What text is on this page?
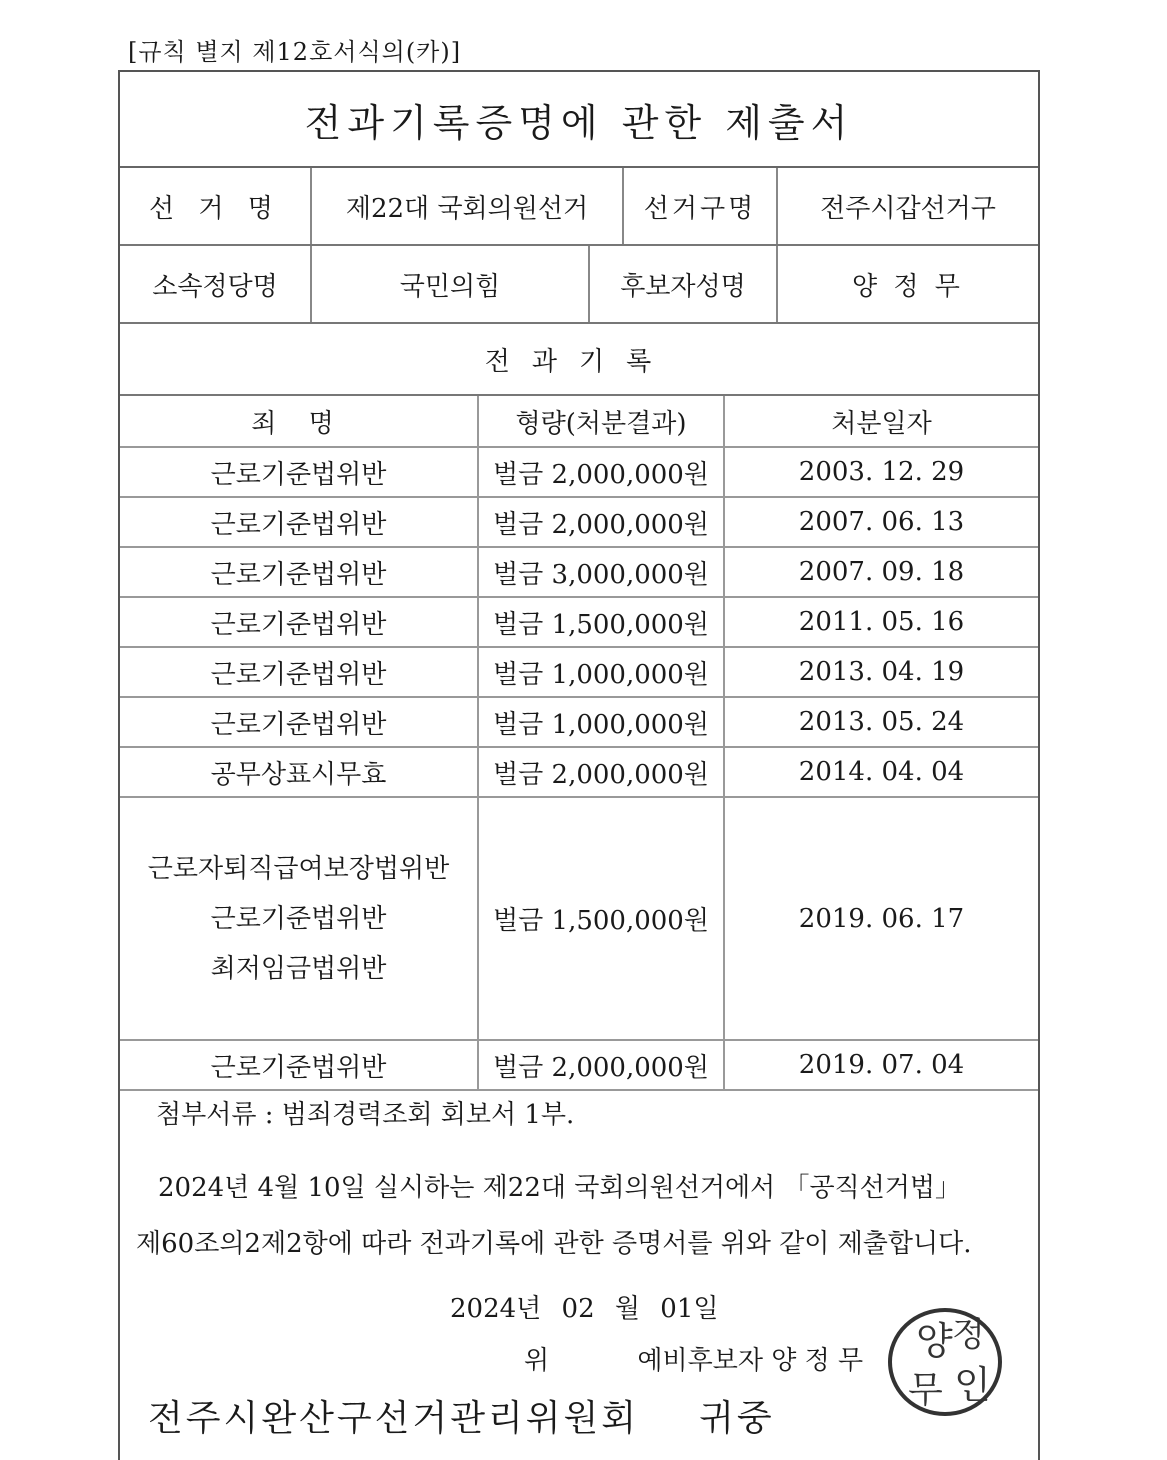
[규칙 별지 제12호서식의(카)]
전과기록증명에 관한 제출서
선 거 명	제22대 국회의원선거	선거구명	전주시갑선거구
소속정당명	국민의힘	후보자성명	양 정 무
전과기록
죄 명	형량(처분결과)	처분일자
근로기준법위반	벌금 2,000,000원	2003. 12. 29
근로기준법위반	벌금 2,000,000원	2007. 06. 13
근로기준법위반	벌금 3,000,000원	2007. 09. 18
근로기준법위반	벌금 1,500,000원	2011. 05. 16
근로기준법위반	벌금 1,000,000원	2013. 04. 19
근로기준법위반	벌금 1,000,000원	2013. 05. 24
공무상표시무효	벌금 2,000,000원	2014. 04. 04

근로자퇴직급여보장법위반
근로기준법위반
최저임금법위반	벌금 1,500,000원	2019. 06. 17
근로기준법위반	벌금 2,000,000원	2019. 07. 04
첨부서류 : 범죄경력조회 회보서 1부.

2024년 4월 10일 실시하는 제22대 국회의원선거에서 「공직선거법」

제60조의2제2항에 따라 전과기록에 관한 증명서를 위와 같이 제출합니다.

2024년 02 월 01일
위	예비후보자 양 정 무 양 정
무 인
전주시완산구선거관리위원회 귀중
